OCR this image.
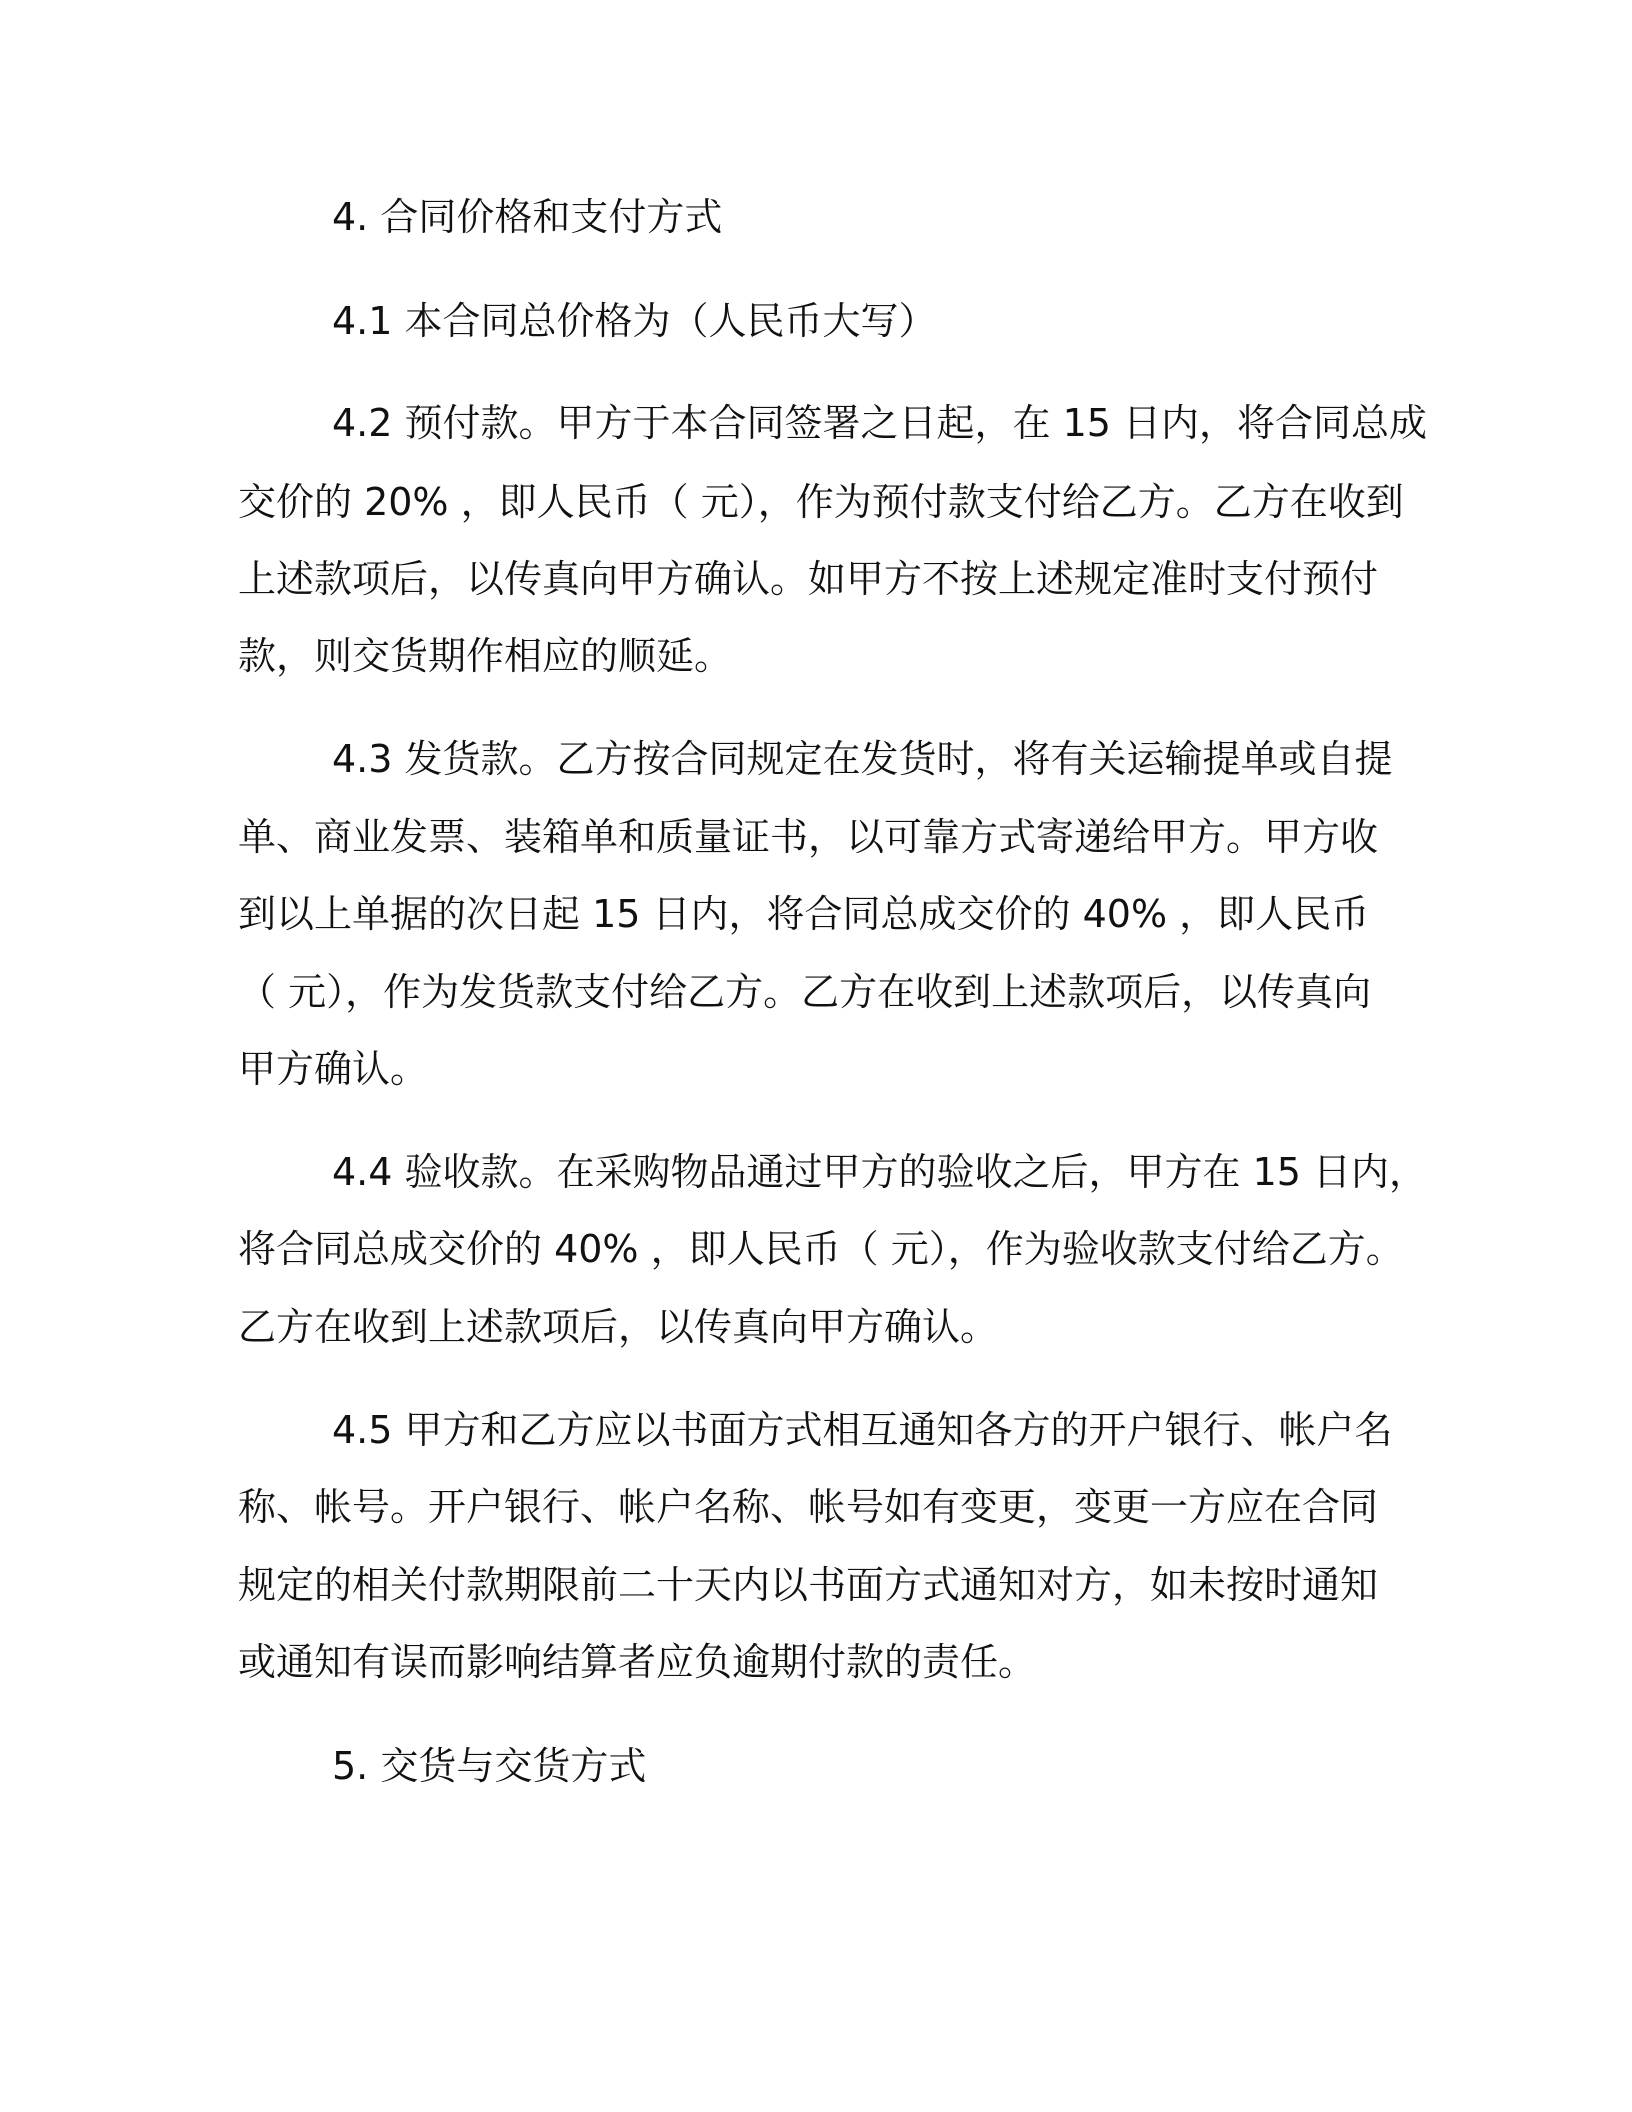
4. 合同价格和支付方式
4.1 本合同总价格为（人民币大写）
4.2 预付款。甲方于本合同签署之日起，在 15 日内，将合同总成
交价的 20% ，即人民币（ 元），作为预付款支付给乙方。乙方在收到
上述款项后，以传真向甲方确认。如甲方不按上述规定准时支付预付
款，则交货期作相应的顺延。
4.3 发货款。乙方按合同规定在发货时，将有关运输提单或自提
单、商业发票、装箱单和质量证书，以可靠方式寄递给甲方。甲方收
到以上单据的次日起 15 日内，将合同总成交价的 40% ，即人民币
（ 元），作为发货款支付给乙方。乙方在收到上述款项后，以传真向
甲方确认。
4.4 验收款。在采购物品通过甲方的验收之后，甲方在 15 日内，
将合同总成交价的 40% ，即人民币（ 元），作为验收款支付给乙方。
乙方在收到上述款项后，以传真向甲方确认。
4.5 甲方和乙方应以书面方式相互通知各方的开户银行、帐户名
称、帐号。开户银行、帐户名称、帐号如有变更，变更一方应在合同
规定的相关付款期限前二十天内以书面方式通知对方，如未按时通知
或通知有误而影响结算者应负逾期付款的责任。
5. 交货与交货方式
